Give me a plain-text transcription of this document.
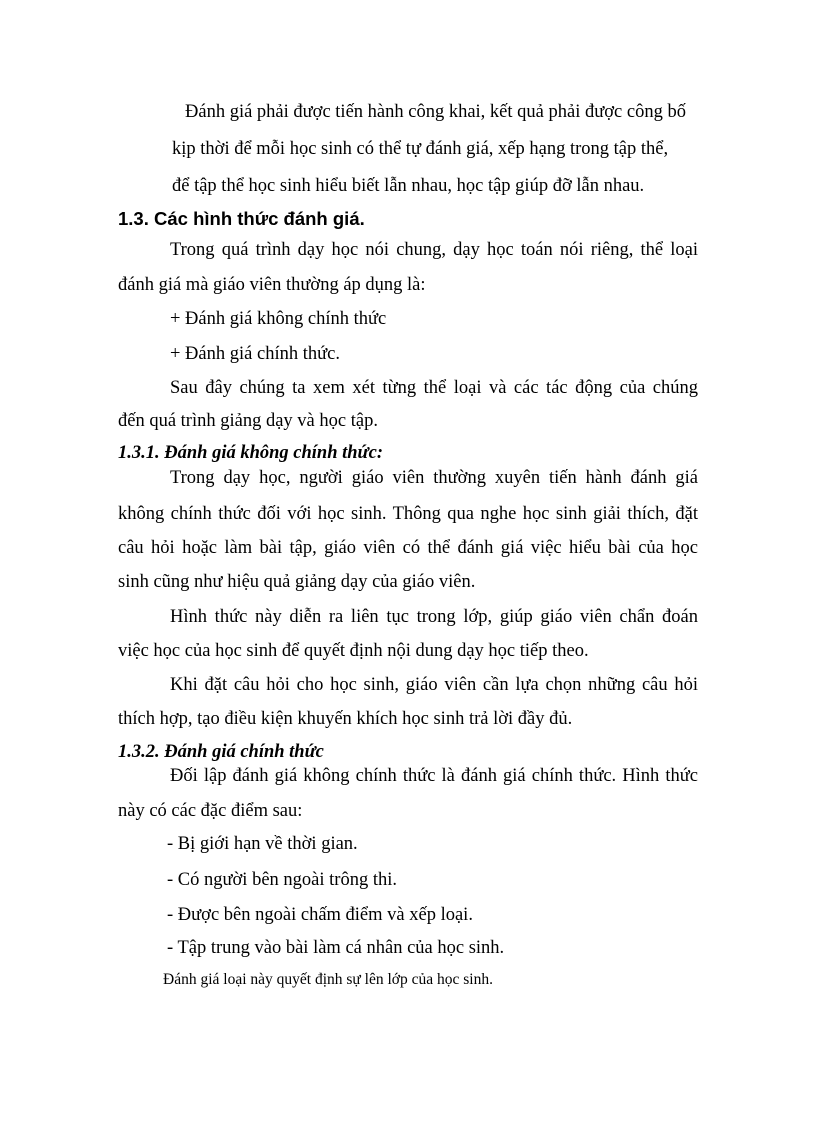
Đánh giá phải được tiến hành công khai, kết quả phải được công bố
kịp thời để mỗi học sinh có thể tự đánh giá, xếp hạng trong tập thể,
để tập thể học sinh hiểu biết lẫn nhau, học tập giúp đỡ lẫn nhau.
1.3. Các hình thức đánh giá.
Trong quá trình dạy học nói chung, dạy học toán nói riêng, thể loại
đánh giá mà giáo viên thường áp dụng là:
+ Đánh giá không chính thức
+ Đánh giá chính thức.
Sau đây chúng ta xem xét từng thể loại và các tác động của chúng
đến quá trình giảng dạy và học tập.
1.3.1. Đánh giá không chính thức:
Trong dạy học, người giáo viên thường xuyên tiến hành đánh giá
không chính thức đối với học sinh. Thông qua nghe học sinh giải thích, đặt
câu hỏi hoặc làm bài tập, giáo viên có thể đánh giá việc hiểu bài của học
sinh cũng như hiệu quả giảng dạy của giáo viên.
Hình thức này diễn ra liên tục trong lớp, giúp giáo viên chẩn đoán
việc học của học sinh để quyết định nội dung dạy học tiếp theo.
Khi đặt câu hỏi cho học sinh, giáo viên cần lựa chọn những câu hỏi
thích hợp, tạo điều kiện khuyến khích học sinh trả lời đầy đủ.
1.3.2. Đánh giá chính thức
Đối lập đánh giá không chính thức là đánh giá chính thức. Hình thức
này có các đặc điểm sau:
- Bị giới hạn về thời gian.
- Có người bên ngoài trông thi.
- Được bên ngoài chấm điểm và xếp loại.
- Tập trung vào bài làm cá nhân của học sinh.
Đánh giá loại này quyết định sự lên lớp của học sinh.
